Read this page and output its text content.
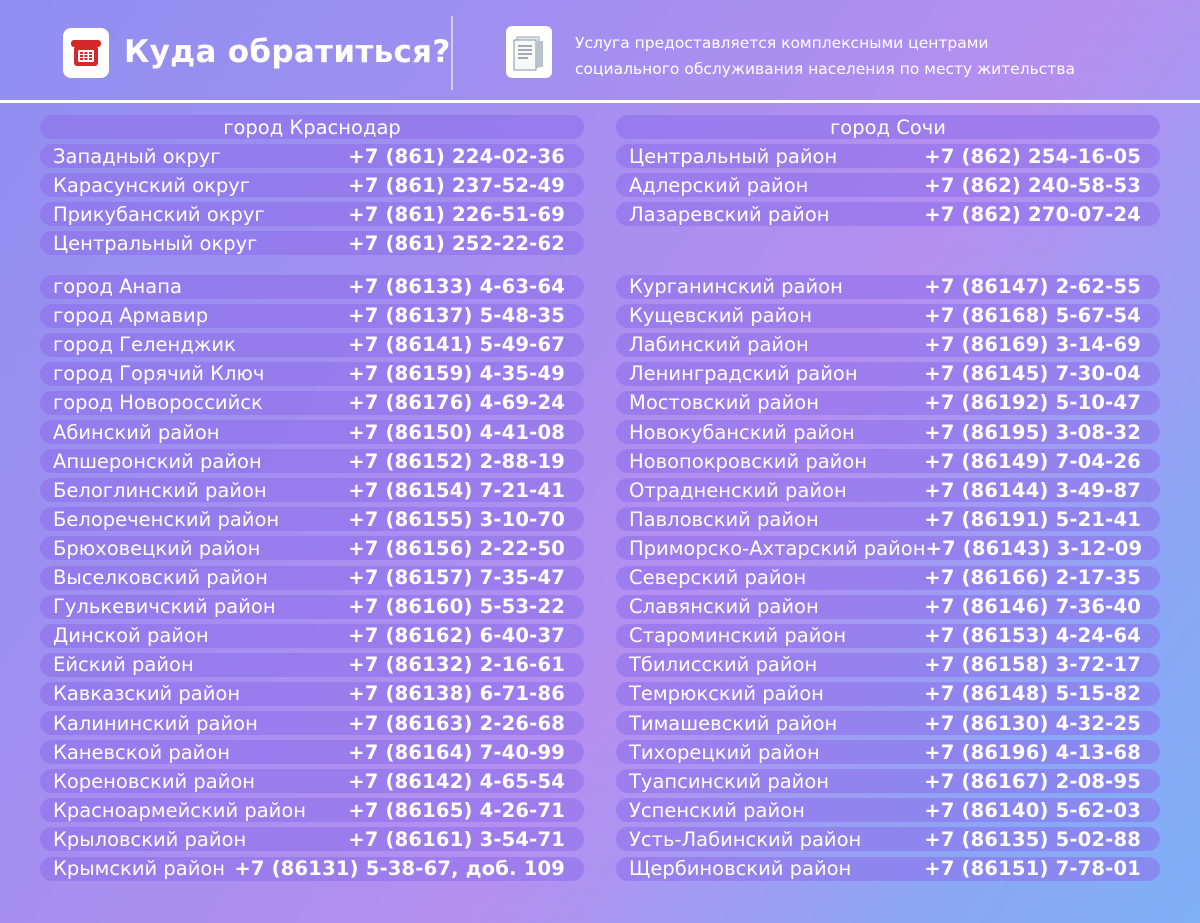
Куда обратиться?	Услуга предоставляется комплексными центрами
социального обслуживания населения по месту жительства
город Краснодар
Западный округ	+7 (861) 224-02-36
Карасунский округ	+7 (861) 237-52-49
Прикубанский округ	+7 (861) 226-51-69
Центральный округ	+7 (861) 252-22-62
город Анапа	+7 (86133) 4-63-64
город Армавир	+7 (86137) 5-48-35
город Геленджик	+7 (86141) 5-49-67
город Горячий Ключ	+7 (86159) 4-35-49
город Новороссийск	+7 (86176) 4-69-24
Абинский район	+7 (86150) 4-41-08
Апшеронский район	+7 (86152) 2-88-19
Белоглинский район	+7 (86154) 7-21-41
Белореченский район	+7 (86155) 3-10-70
Брюховецкий район	+7 (86156) 2-22-50
Выселковский район	+7 (86157) 7-35-47
Гулькевичский район	+7 (86160) 5-53-22
Динской район	+7 (86162) 6-40-37
Ейский район	+7 (86132) 2-16-61
Кавказский район	+7 (86138) 6-71-86
Калининский район	+7 (86163) 2-26-68
Каневской район	+7 (86164) 7-40-99
Кореновский район	+7 (86142) 4-65-54
Красноармейский район +7 (86165) 4-26-71
Крыловский район	+7 (86161) 3-54-71
Крымский район +7 (86131) 5-38-67, доб. 109
город Сочи
Центральный район	+7 (862) 254-16-05
Адлерский район	+7 (862) 240-58-53
Лазаревский район	+7 (862) 270-07-24
Курганинский район	+7 (86147) 2-62-55
Кущевский район	+7 (86168) 5-67-54
Лабинский район	+7 (86169) 3-14-69
Ленинградский район	+7 (86145) 7-30-04
Мостовский район	+7 (86192) 5-10-47
Новокубанский район	+7 (86195) 3-08-32
Новопокровский район	+7 (86149) 7-04-26
Отрадненский район	+7 (86144) 3-49-87
Павловский район	+7 (86191) 5-21-41
Приморско-Ахтарский район +7 (86143) 3-12-09
Северский район	+7 (86166) 2-17-35
Славянский район	+7 (86146) 7-36-40
Староминский район	+7 (86153) 4-24-64
Тбилисский район	+7 (86158) 3-72-17
Темрюкский район	+7 (86148) 5-15-82
Тимашевский район	+7 (86130) 4-32-25
Тихорецкий район	+7 (86196) 4-13-68
Туапсинский район	+7 (86167) 2-08-95
Успенский район	+7 (86140) 5-62-03
Усть-Лабинский район	+7 (86135) 5-02-88
Щербиновский район	+7 (86151) 7-78-01
